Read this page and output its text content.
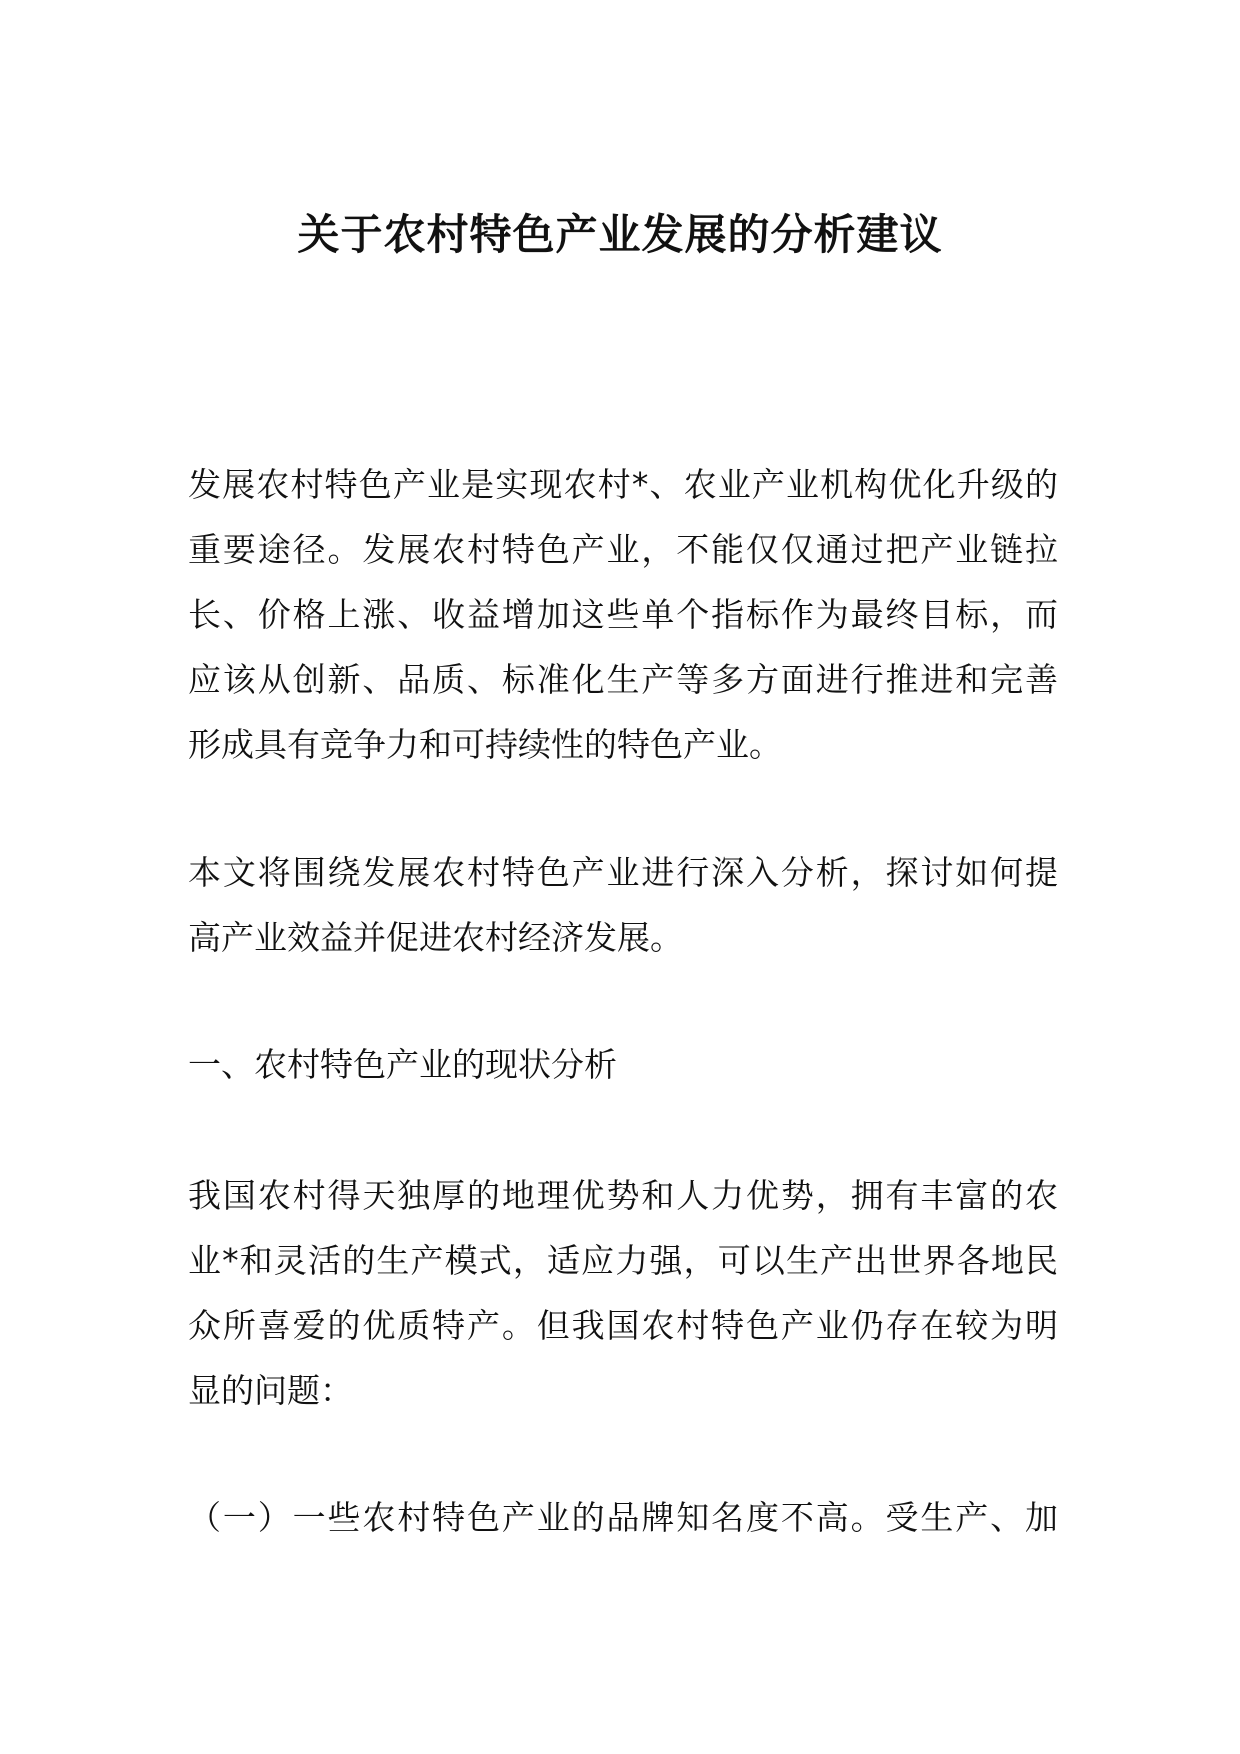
关于农村特色产业发展的分析建议

发展农村特色产业是实现农村*、农业产业机构优化升级的
重要途径。发展农村特色产业，不能仅仅通过把产业链拉
长、价格上涨、收益增加这些单个指标作为最终目标，而
应该从创新、品质、标准化生产等多方面进行推进和完善
形成具有竞争力和可持续性的特色产业。

本文将围绕发展农村特色产业进行深入分析，探讨如何提
高产业效益并促进农村经济发展。

一、农村特色产业的现状分析

我国农村得天独厚的地理优势和人力优势，拥有丰富的农
业*和灵活的生产模式，适应力强，可以生产出世界各地民
众所喜爱的优质特产。但我国农村特色产业仍存在较为明
显的问题：

（一）一些农村特色产业的品牌知名度不高。受生产、加
